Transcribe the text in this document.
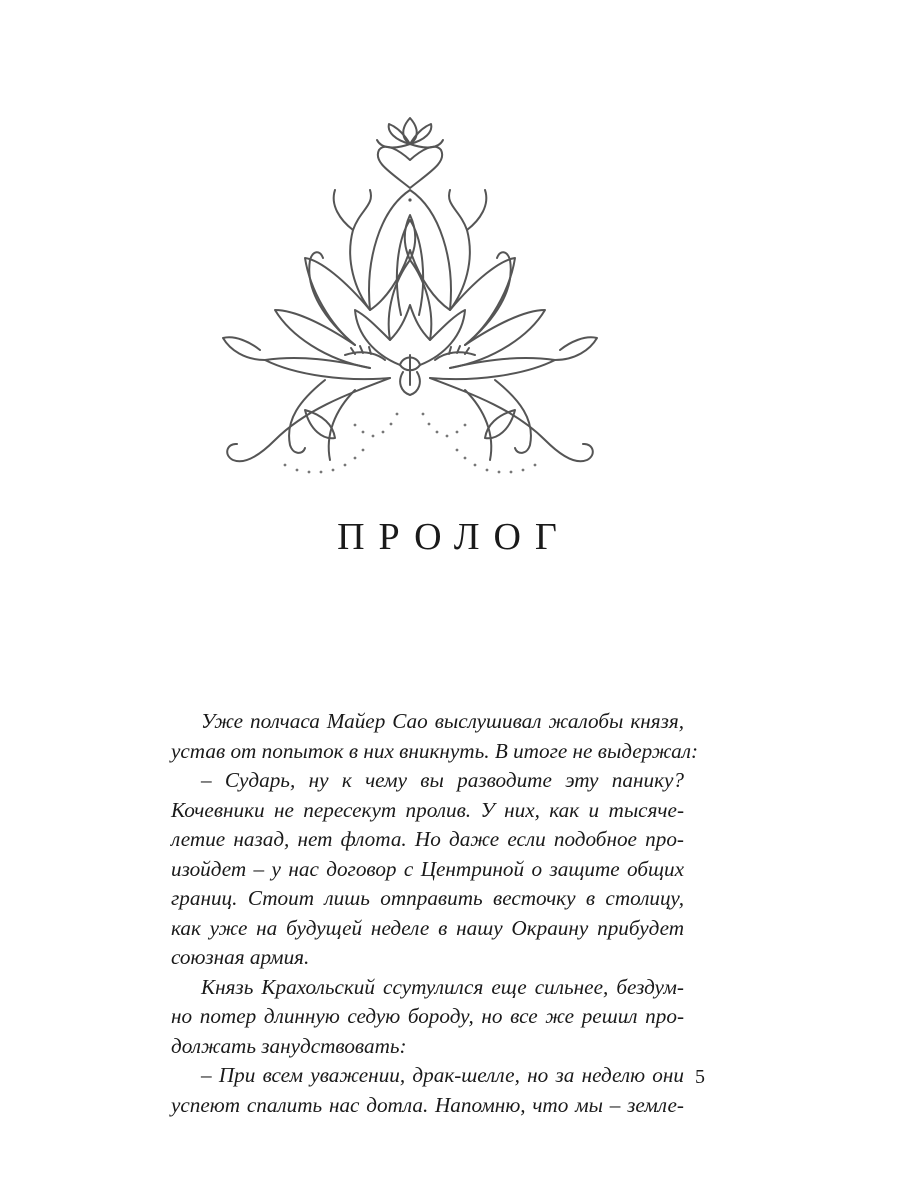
ПРОЛОГ
Уже полчаса Майер Сао выслушивал жалобы князя,
устав от попыток в них вникнуть. В итоге не выдержал:
– Сударь, ну к чему вы разводите эту панику?
Кочевники не пересекут пролив. У них, как и тысяче-
летие назад, нет флота. Но даже если подобное про-
изойдет – у нас договор с Центриной о защите общих
границ. Стоит лишь отправить весточку в столицу,
как уже на будущей неделе в нашу Окраину прибудет
союзная армия.
Князь Крахольский ссутулился еще сильнее, бездум-
но потер длинную седую бороду, но все же решил про-
должать занудствовать:
– При всем уважении, драк-шелле, но за неделю они
успеют спалить нас дотла. Напомню, что мы – земле-
5
